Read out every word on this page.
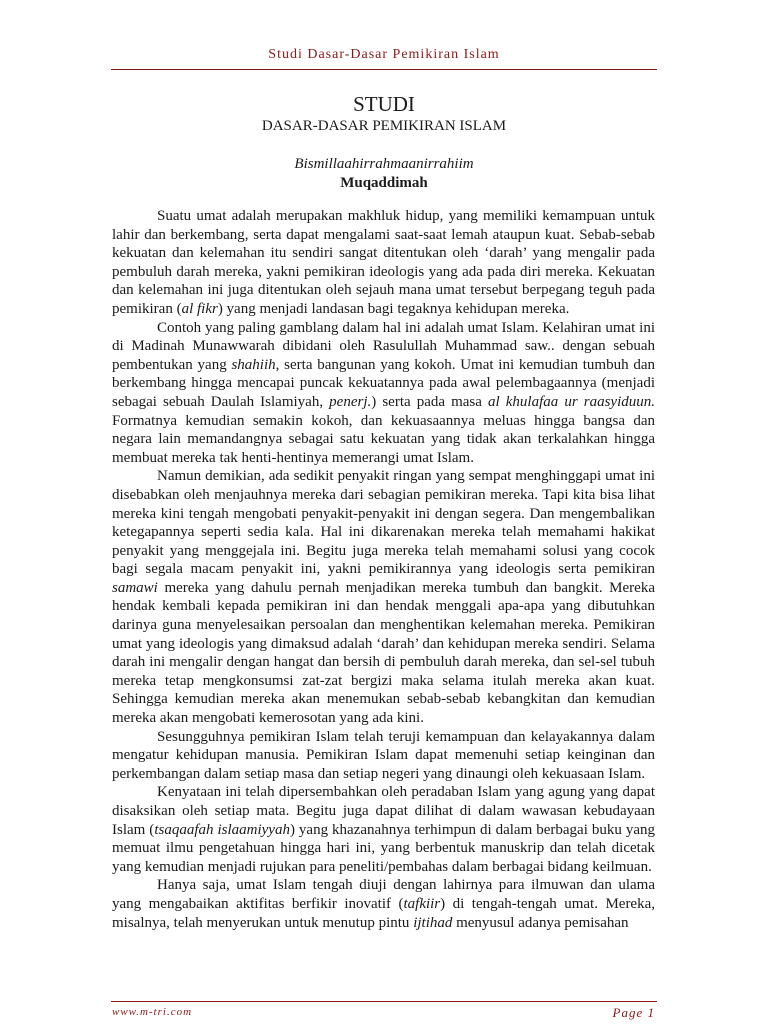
Studi Dasar-Dasar Pemikiran Islam
STUDI
DASAR-DASAR PEMIKIRAN ISLAM
Bismillaahirrahmaanirrahiim
Muqaddimah

Suatu umat adalah merupakan makhluk hidup, yang memiliki kemampuan untuk lahir dan berkembang, serta dapat mengalami saat-saat lemah ataupun kuat. Sebab-sebab kekuatan dan kelemahan itu sendiri sangat ditentukan oleh ‘darah’ yang mengalir pada pembuluh darah mereka, yakni pemikiran ideologis yang ada pada diri mereka. Kekuatan dan kelemahan ini juga ditentukan oleh sejauh mana umat tersebut berpegang teguh pada pemikiran (al fikr) yang menjadi landasan bagi tegaknya kehidupan mereka.

Contoh yang paling gamblang dalam hal ini adalah umat Islam. Kelahiran umat ini di Madinah Munawwarah dibidani oleh Rasulullah Muhammad saw.. dengan sebuah pembentukan yang shahiih, serta bangunan yang kokoh. Umat ini kemudian tumbuh dan berkembang hingga mencapai puncak kekuatannya pada awal pelembagaannya (menjadi sebagai sebuah Daulah Islamiyah, penerj.) serta pada masa al khulafaa ur raasyiduun. Formatnya kemudian semakin kokoh, dan kekuasaannya meluas hingga bangsa dan negara lain memandangnya sebagai satu kekuatan yang tidak akan terkalahkan hingga membuat mereka tak henti-hentinya memerangi umat Islam.

Namun demikian, ada sedikit penyakit ringan yang sempat menghinggapi umat ini disebabkan oleh menjauhnya mereka dari sebagian pemikiran mereka. Tapi kita bisa lihat mereka kini tengah mengobati penyakit-penyakit ini dengan segera. Dan mengembalikan ketegapannya seperti sedia kala. Hal ini dikarenakan mereka telah memahami hakikat penyakit yang menggejala ini. Begitu juga mereka telah memahami solusi yang cocok bagi segala macam penyakit ini, yakni pemikirannya yang ideologis serta pemikiran samawi mereka yang dahulu pernah menjadikan mereka tumbuh dan bangkit. Mereka hendak kembali kepada pemikiran ini dan hendak menggali apa-apa yang dibutuhkan darinya guna menyelesaikan persoalan dan menghentikan kelemahan mereka. Pemikiran umat yang ideologis yang dimaksud adalah ‘darah’ dan kehidupan mereka sendiri. Selama darah ini mengalir dengan hangat dan bersih di pembuluh darah mereka, dan sel-sel tubuh mereka tetap mengkonsumsi zat-zat bergizi maka selama itulah mereka akan kuat. Sehingga kemudian mereka akan menemukan sebab-sebab kebangkitan dan kemudian mereka akan mengobati kemerosotan yang ada kini.

Sesungguhnya pemikiran Islam telah teruji kemampuan dan kelayakannya dalam mengatur kehidupan manusia. Pemikiran Islam dapat memenuhi setiap keinginan dan perkembangan dalam setiap masa dan setiap negeri yang dinaungi oleh kekuasaan Islam.

Kenyataan ini telah dipersembahkan oleh peradaban Islam yang agung yang dapat disaksikan oleh setiap mata. Begitu juga dapat dilihat di dalam wawasan kebudayaan Islam (tsaqaafah islaamiyyah) yang khazanahnya terhimpun di dalam berbagai buku yang memuat ilmu pengetahuan hingga hari ini, yang berbentuk manuskrip dan telah dicetak yang kemudian menjadi rujukan para peneliti/pembahas dalam berbagai bidang keilmuan.

Hanya saja, umat Islam tengah diuji dengan lahirnya para ilmuwan dan ulama yang mengabaikan aktifitas berfikir inovatif (tafkiir) di tengah-tengah umat. Mereka, misalnya, telah menyerukan untuk menutup pintu ijtihad menyusul adanya pemisahan

www.m-tri.com	Page 1
